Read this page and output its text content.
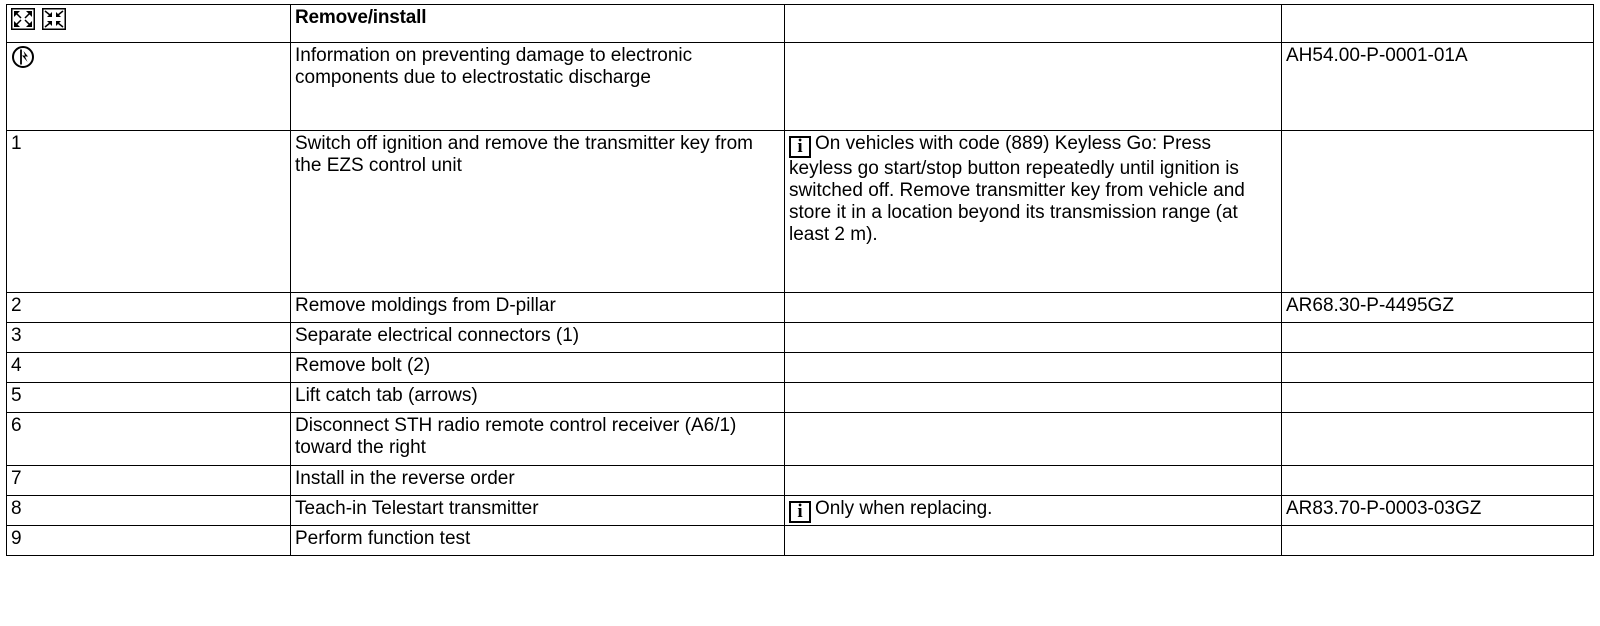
	Remove/install		

	Information on preventing damage to electronic components due to electrostatic discharge		AH54.00-P-0001-01A
1	Switch off ignition and remove the transmitter key from the EZS control unit	iOn vehicles with code (889) Keyless Go: Press keyless go start/stop button repeatedly until ignition is switched off. Remove transmitter key from vehicle and store it in a location beyond its transmission range (at least 2 m).	
2	Remove moldings from D-pillar		AR68.30-P-4495GZ
3	Separate electrical connectors (1)		
4	Remove bolt (2)		
5	Lift catch tab (arrows)		
6	Disconnect STH radio remote control receiver (A6/1) toward the right		
7	Install in the reverse order		
8	Teach-in Telestart transmitter	iOnly when replacing.	AR83.70-P-0003-03GZ
9	Perform function test		
